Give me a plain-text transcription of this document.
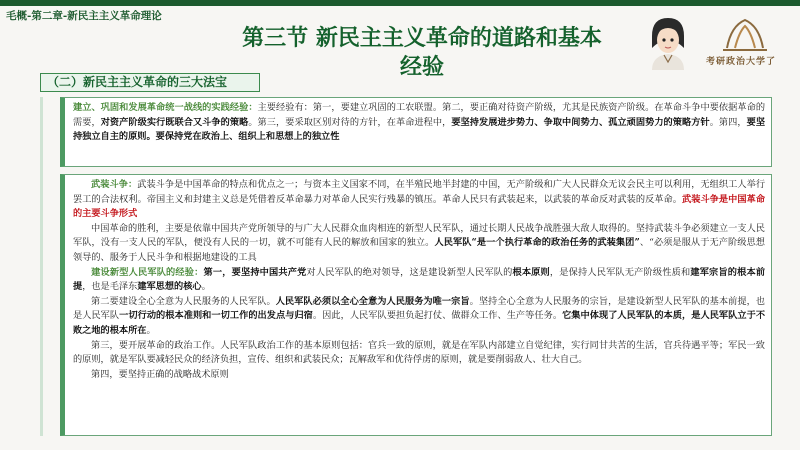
毛概-第二章-新民主主义革命理论
第三节 新民主主义革命的道路和基本
经验	考研政治大学了
（二）新民主主义革命的三大法宝

建立、巩固和发展革命统一战线的实践经验：主要经验有：第一，要建立巩固的工农联盟。第二，要正确对待资产阶级，尤其是民族资产阶级。在革命斗争中要依据革命的需要，对资产阶级实行既联合又斗争的策略。第三，要采取区别对待的方针，在革命进程中，要坚持发展进步势力、争取中间势力、孤立顽固势力的策略方针。第四，要坚持独立自主的原则。要保持党在政治上、组织上和思想上的独立性

武装斗争：武装斗争是中国革命的特点和优点之一；与资本主义国家不同，在半殖民地半封建的中国，无产阶级和广大人民群众无议会民主可以利用，无组织工人举行罢工的合法权利。帝国主义和封建主义总是凭借着反革命暴力对革命人民实行残暴的镇压。革命人民只有武装起来，以武装的革命反对武装的反革命。武装斗争是中国革命的主要斗争形式

中国革命的胜利，主要是依靠中国共产党所领导的与广大人民群众血肉相连的新型人民军队，通过长期人民战争战胜强大敌人取得的。坚持武装斗争必须建立一支人民军队，没有一支人民的军队，便没有人民的一切，就不可能有人民的解放和国家的独立。人民军队“是一个执行革命的政治任务的武装集团”、“必须是服从于无产阶级思想领导的、服务于人民斗争和根据地建设的工具

建设新型人民军队的经验：第一，要坚持中国共产党对人民军队的绝对领导，这是建设新型人民军队的根本原则，是保持人民军队无产阶级性质和建军宗旨的根本前提，也是毛泽东建军思想的核心。

第二要建设全心全意为人民服务的人民军队。人民军队必须以全心全意为人民服务为唯一宗旨。坚持全心全意为人民服务的宗旨，是建设新型人民军队的基本前提，也是人民军队一切行动的根本准则和一切工作的出发点与归宿。因此，人民军队要担负起打仗、做群众工作、生产等任务。它集中体现了人民军队的本质，是人民军队立于不败之地的根本所在。

第三，要开展革命的政治工作。人民军队政治工作的基本原则包括：官兵一致的原则，就是在军队内部建立自觉纪律，实行同甘共苦的生活，官兵待遇平等；军民一致的原则，就是军队要减轻民众的经济负担，宣传、组织和武装民众；瓦解敌军和优待俘虏的原则，就是要削弱敌人、壮大自己。

第四，要坚持正确的战略战术原则
